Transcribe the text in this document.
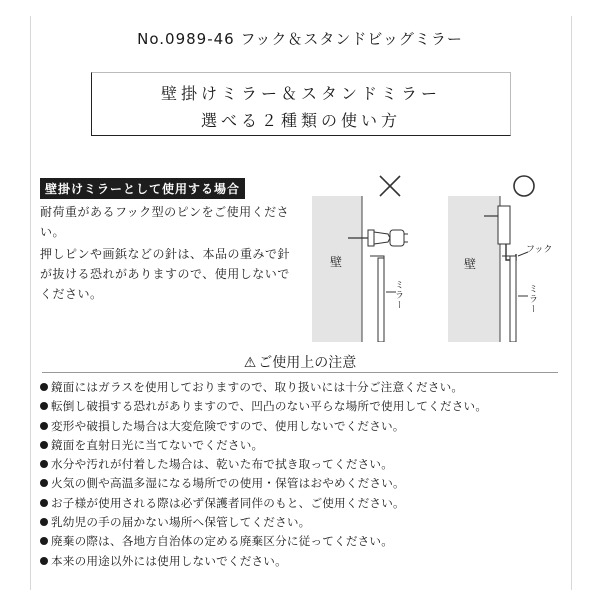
No.0989-46 フック＆スタンドビッグミラー
壁掛けミラー＆スタンドミラー
選べる２種類の使い方
壁掛けミラーとして使用する場合

耐荷重があるフック型のピンをご使用ください。

押しピンや画鋲などの針は、本品の重みで針が抜ける恐れがありますので、使用しないでください。

壁
ミラー
壁
フック
ミラー
⚠ ご使用上の注意
鏡面にはガラスを使用しておりますので、取り扱いには十分ご注意ください。
転倒し破損する恐れがありますので、凹凸のない平らな場所で使用してください。
変形や破損した場合は大変危険ですので、使用しないでください。
鏡面を直射日光に当てないでください。
水分や汚れが付着した場合は、乾いた布で拭き取ってください。
火気の側や高温多湿になる場所での使用・保管はおやめください。
お子様が使用される際は必ず保護者同伴のもと、ご使用ください。
乳幼児の手の届かない場所へ保管してください。
廃棄の際は、各地方自治体の定める廃棄区分に従ってください。
本来の用途以外には使用しないでください。
